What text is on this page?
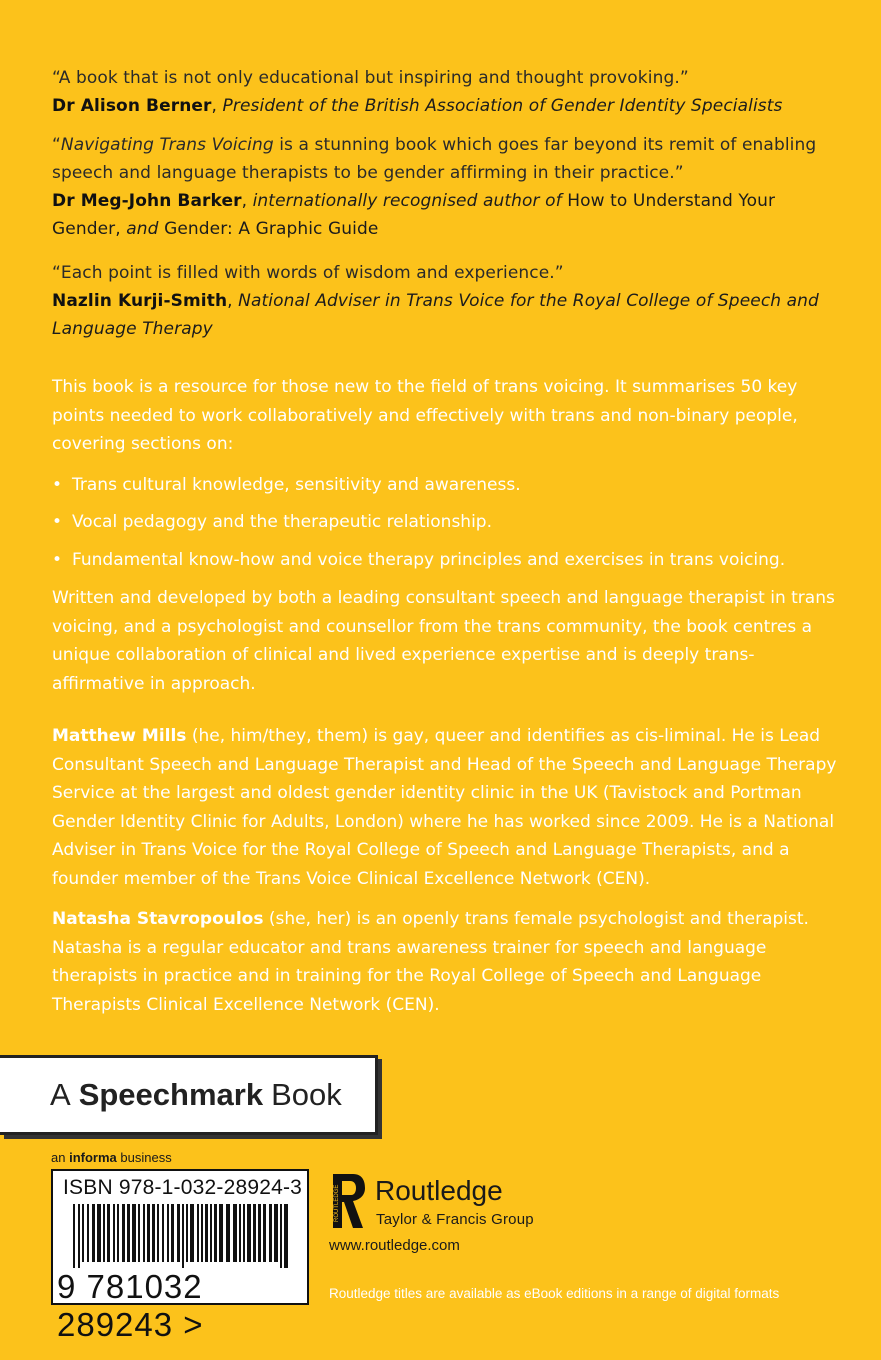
“A book that is not only educational but inspiring and thought provoking.”
Dr Alison Berner, President of the British Association of Gender Identity Specialists
“Navigating Trans Voicing is a stunning book which goes far beyond its remit of enabling speech and language therapists to be gender affirming in their practice.”
Dr Meg-John Barker, internationally recognised author of How to Understand Your Gender, and Gender: A Graphic Guide
“Each point is filled with words of wisdom and experience.”
Nazlin Kurji-Smith, National Adviser in Trans Voice for the Royal College of Speech and Language Therapy

This book is a resource for those new to the field of trans voicing. It summarises 50 key points needed to work collaboratively and effectively with trans and non-binary people, covering sections on:

• Trans cultural knowledge, sensitivity and awareness.
• Vocal pedagogy and the therapeutic relationship.
• Fundamental know-how and voice therapy principles and exercises in trans voicing.

Written and developed by both a leading consultant speech and language therapist in trans voicing, and a psychologist and counsellor from the trans community, the book centres a unique collaboration of clinical and lived experience expertise and is deeply trans-affirmative in approach.

Matthew Mills (he, him/they, them) is gay, queer and identifies as cis-liminal. He is Lead Consultant Speech and Language Therapist and Head of the Speech and Language Therapy Service at the largest and oldest gender identity clinic in the UK (Tavistock and Portman Gender Identity Clinic for Adults, London) where he has worked since 2009. He is a National Adviser in Trans Voice for the Royal College of Speech and Language Therapists, and a founder member of the Trans Voice Clinical Excellence Network (CEN).

Natasha Stavropoulos (she, her) is an openly trans female psychologist and therapist. Natasha is a regular educator and trans awareness trainer for speech and language therapists in practice and in training for the Royal College of Speech and Language Therapists Clinical Excellence Network (CEN).

A Speechmark Book
an informa business
ISBN 978-1-032-28924-3
9 781032 289243 >
ROUTLEDGE Routledge
Taylor & Francis Group
www.routledge.com
Routledge titles are available as eBook editions in a range of digital formats
